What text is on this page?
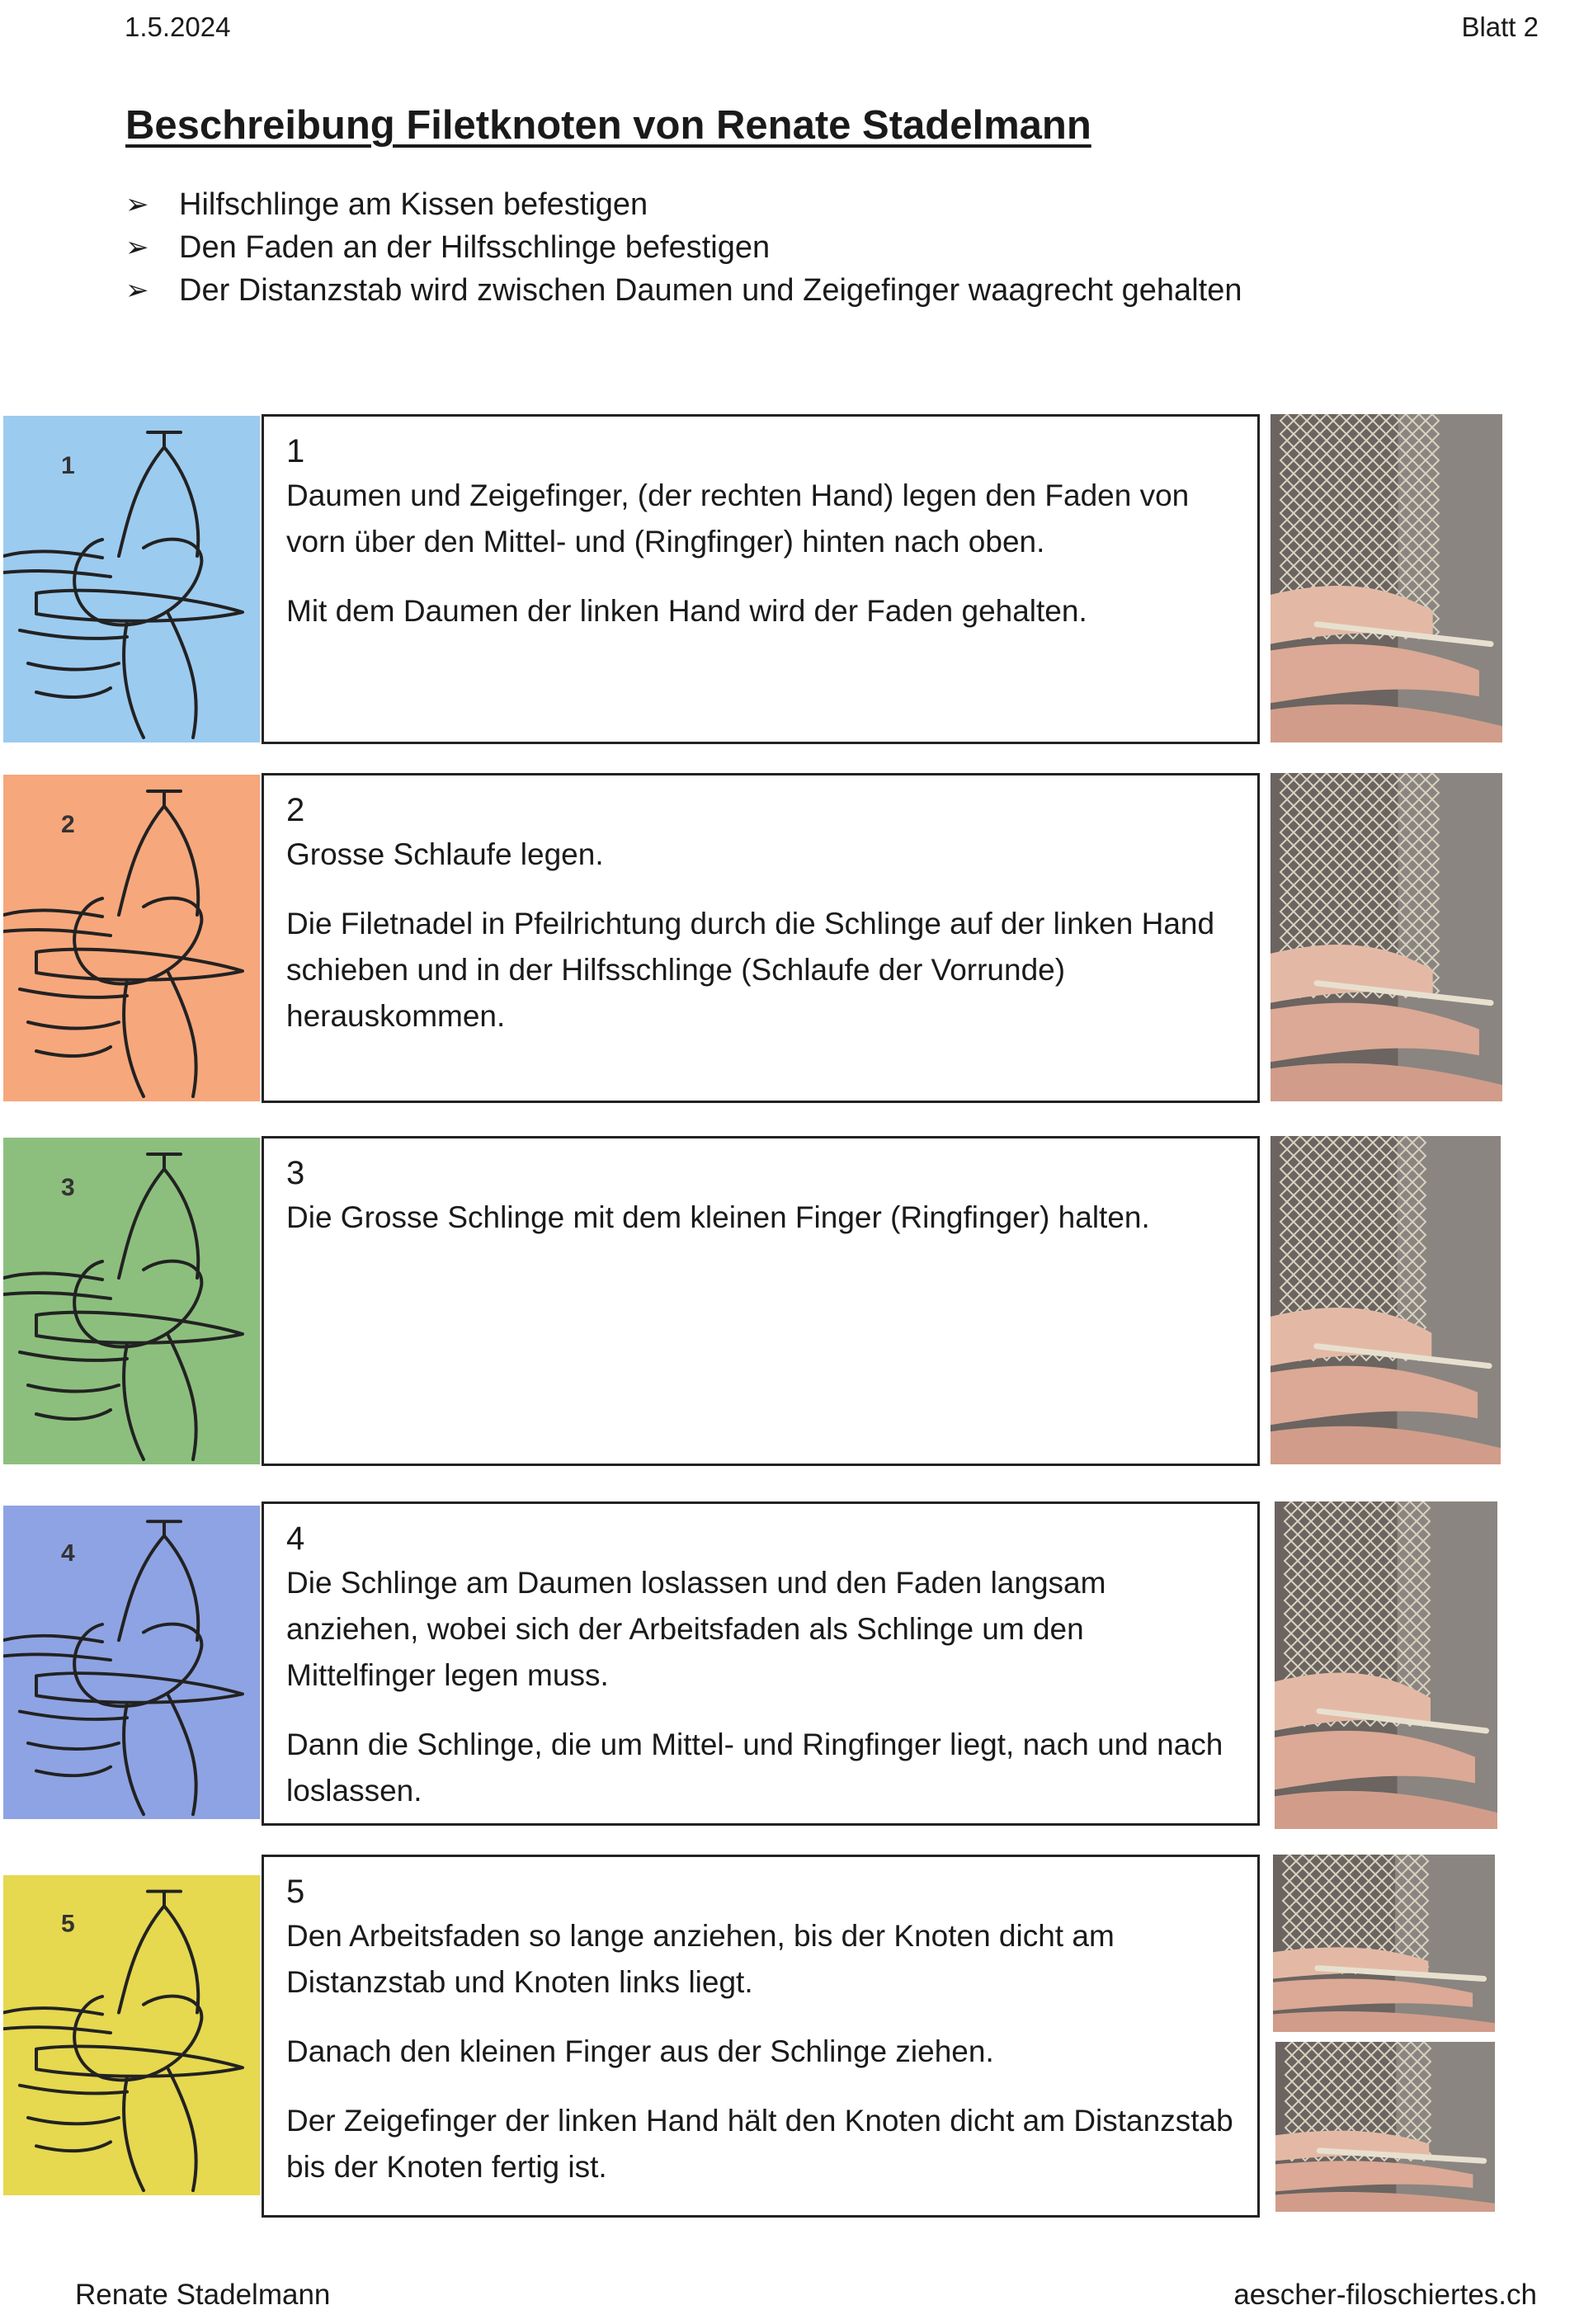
1.5.2024	Blatt 2
Beschreibung Filetknoten von Renate Stadelmann
➢ Hilfschlinge am Kissen befestigen
➢ Den Faden an der Hilfsschlinge befestigen
➢ Der Distanzstab wird zwischen Daumen und Zeigefinger waagrecht gehalten
1	1

Daumen und Zeigefinger, (der rechten Hand) legen den Faden von vorn über den Mittel- und (Ringfinger) hinten nach oben.

Mit dem Daumen der linken Hand wird der Faden gehalten.

2	2

Grosse Schlaufe legen.

Die Filetnadel in Pfeilrichtung durch die Schlinge auf der linken Hand schieben und in der Hilfsschlinge (Schlaufe der Vorrunde) herauskommen.

3	3

Die Grosse Schlinge mit dem kleinen Finger (Ringfinger) halten.

4	4

Die Schlinge am Daumen loslassen und den Faden langsam anziehen, wobei sich der Arbeitsfaden als Schlinge um den Mittelfinger legen muss.

Dann die Schlinge, die um Mittel- und Ringfinger liegt, nach und nach loslassen.

5
5

Den Arbeitsfaden so lange anziehen, bis der Knoten dicht am Distanzstab und Knoten links liegt.

Danach den kleinen Finger aus der Schlinge ziehen.

Der Zeigefinger der linken Hand hält den Knoten dicht am Distanzstab bis der Knoten fertig ist.

Renate Stadelmann	aescher-filoschiertes.ch
